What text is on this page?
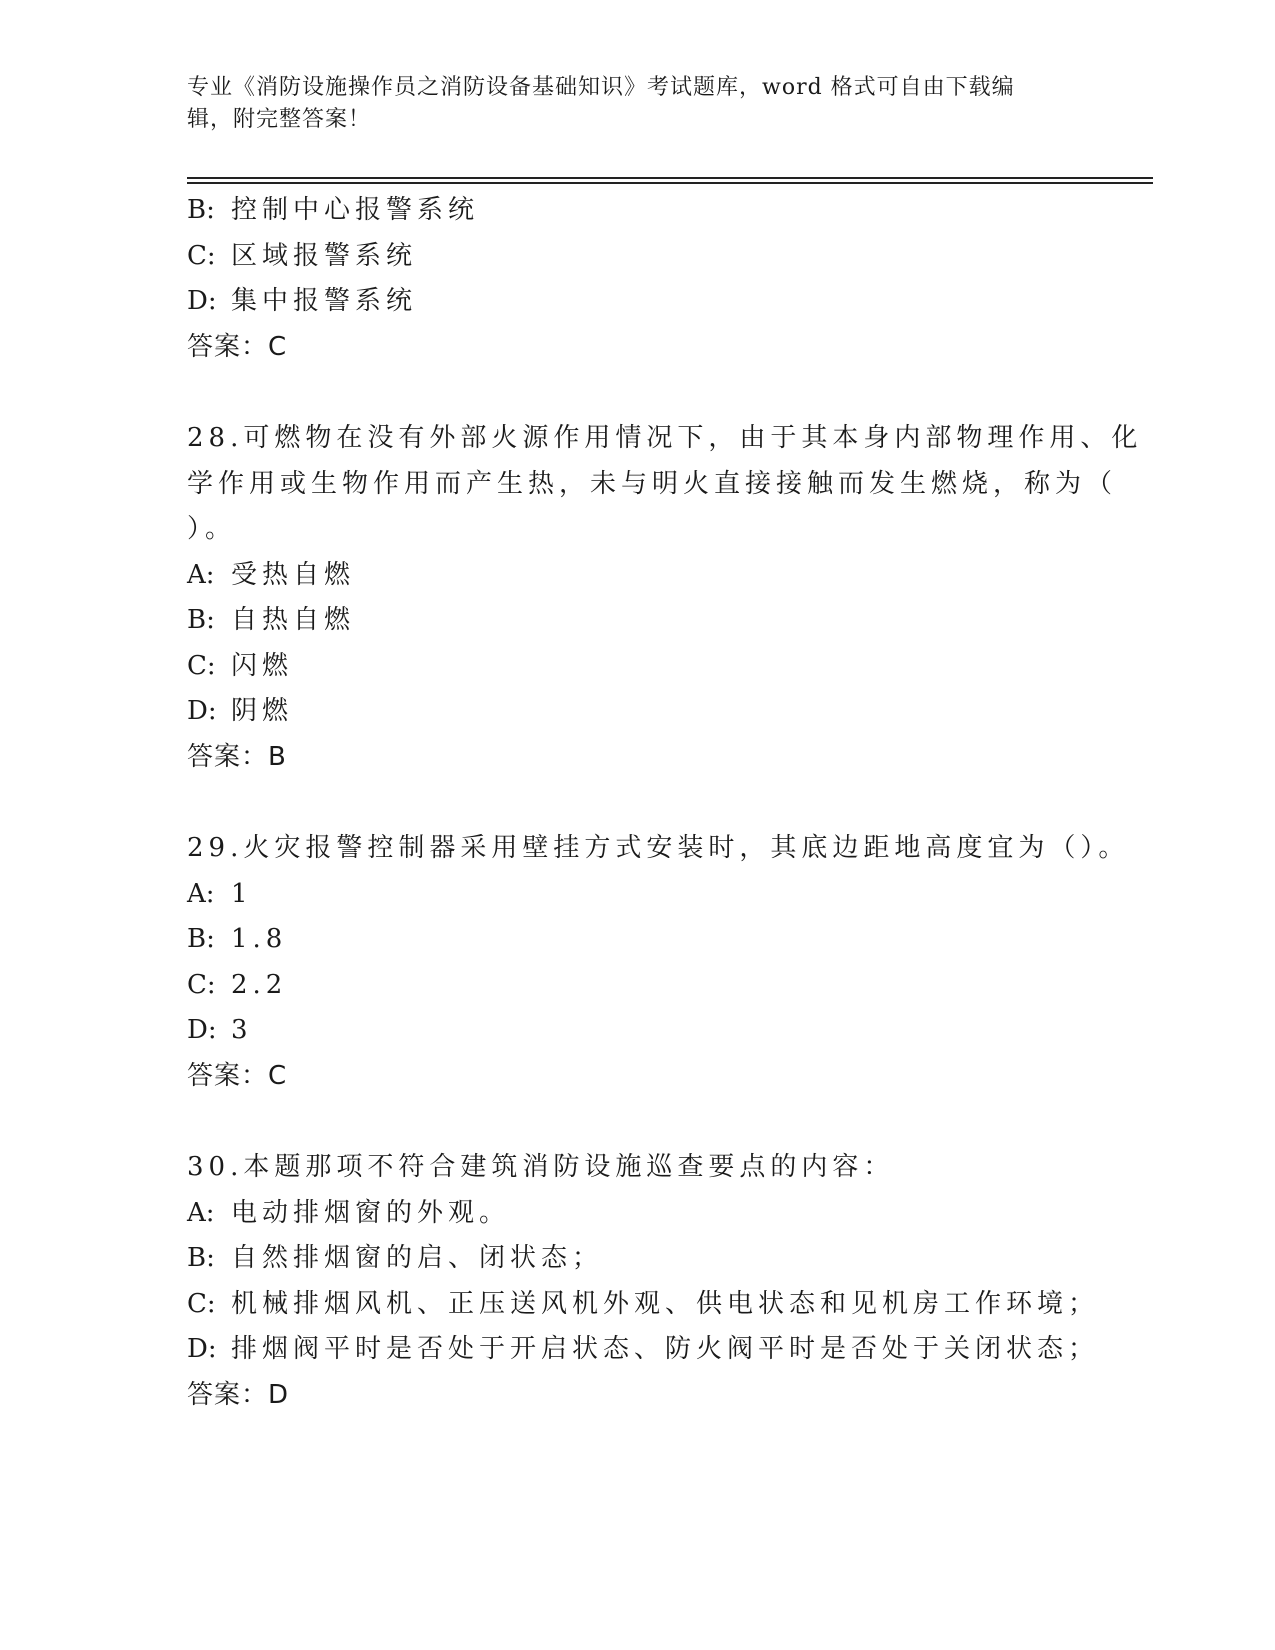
专业《消防设施操作员之消防设备基础知识》考试题库，word 格式可自由下载编
辑，附完整答案！
B: 控制中心报警系统
C: 区域报警系统
D: 集中报警系统
答案：C
28.可燃物在没有外部火源作用情况下，由于其本身内部物理作用、化
学作用或生物作用而产生热，未与明火直接接触而发生燃烧，称为（
）。
A: 受热自燃
B: 自热自燃
C: 闪燃
D: 阴燃
答案：B
29.火灾报警控制器采用壁挂方式安装时，其底边距地高度宜为（）。
A: 1
B: 1.8
C: 2.2
D: 3
答案：C
30.本题那项不符合建筑消防设施巡查要点的内容：
A: 电动排烟窗的外观。
B: 自然排烟窗的启、闭状态；
C: 机械排烟风机、正压送风机外观、供电状态和见机房工作环境；
D: 排烟阀平时是否处于开启状态、防火阀平时是否处于关闭状态；
答案：D
